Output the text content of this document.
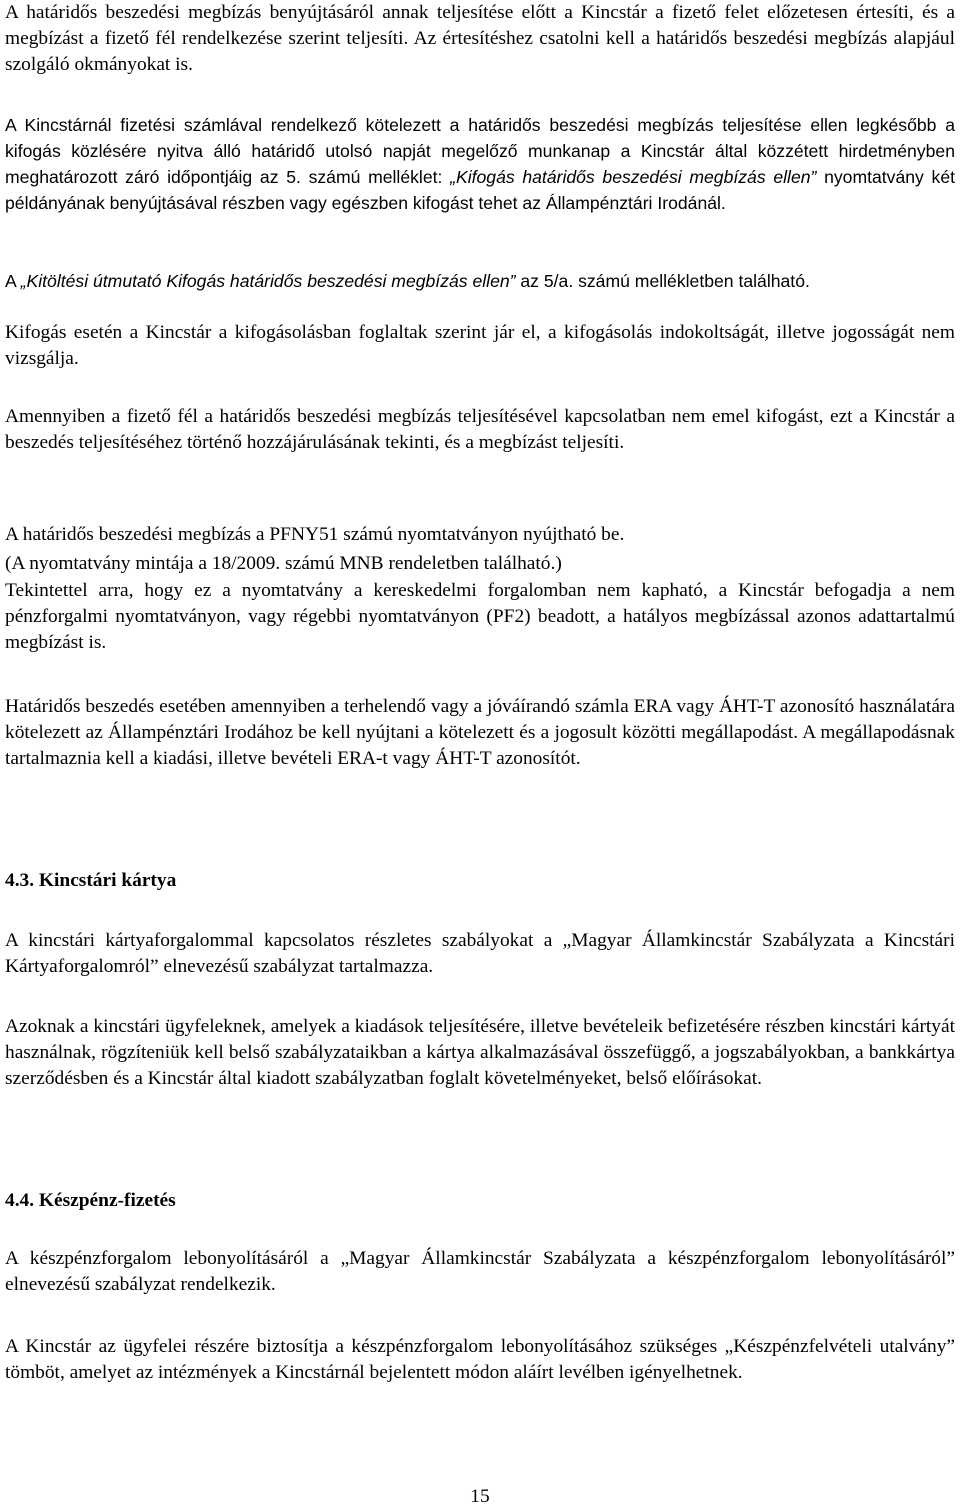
A határidős beszedési megbízás benyújtásáról annak teljesítése előtt a Kincstár a fizető felet előzetesen értesíti, és a megbízást a fizető fél rendelkezése szerint teljesíti. Az értesítéshez csatolni kell a határidős beszedési megbízás alapjául szolgáló okmányokat is.

A Kincstárnál fizetési számlával rendelkező kötelezett a határidős beszedési megbízás teljesítése ellen legkésőbb a kifogás közlésére nyitva álló határidő utolsó napját megelőző munkanap a Kincstár által közzétett hirdetményben meghatározott záró időpontjáig az 5. számú melléklet: „Kifogás határidős beszedési megbízás ellen” nyomtatvány két példányának benyújtásával részben vagy egészben kifogást tehet az Állampénztári Irodánál.

A „Kitöltési útmutató Kifogás határidős beszedési megbízás ellen” az 5/a. számú mellékletben található.

Kifogás esetén a Kincstár a kifogásolásban foglaltak szerint jár el, a kifogásolás indokoltságát, illetve jogosságát nem vizsgálja.

Amennyiben a fizető fél a határidős beszedési megbízás teljesítésével kapcsolatban nem emel kifogást, ezt a Kincstár a beszedés teljesítéséhez történő hozzájárulásának tekinti, és a megbízást teljesíti.

A határidős beszedési megbízás a PFNY51 számú nyomtatványon nyújtható be.

(A nyomtatvány mintája a 18/2009. számú MNB rendeletben található.)

Tekintettel arra, hogy ez a nyomtatvány a kereskedelmi forgalomban nem kapható, a Kincstár befogadja a nem pénzforgalmi nyomtatványon, vagy régebbi nyomtatványon (PF2) beadott, a hatályos megbízással azonos adattartalmú megbízást is.

Határidős beszedés esetében amennyiben a terhelendő vagy a jóváírandó számla ERA vagy ÁHT-T azonosító használatára kötelezett az Állampénztári Irodához be kell nyújtani a kötelezett és a jogosult közötti megállapodást. A megállapodásnak tartalmaznia kell a kiadási, illetve bevételi ERA-t vagy ÁHT-T azonosítót.

4.3. Kincstári kártya

A kincstári kártyaforgalommal kapcsolatos részletes szabályokat a „Magyar Államkincstár Szabályzata a Kincstári Kártyaforgalomról” elnevezésű szabályzat tartalmazza.

Azoknak a kincstári ügyfeleknek, amelyek a kiadások teljesítésére, illetve bevételeik befizetésére részben kincstári kártyát használnak, rögzíteniük kell belső szabályzataikban a kártya alkalmazásával összefüggő, a jogszabályokban, a bankkártya szerződésben és a Kincstár által kiadott szabályzatban foglalt követelményeket, belső előírásokat.

4.4. Készpénz-fizetés

A készpénzforgalom lebonyolításáról a „Magyar Államkincstár Szabályzata a készpénzforgalom lebonyolításáról” elnevezésű szabályzat rendelkezik.

A Kincstár az ügyfelei részére biztosítja a készpénzforgalom lebonyolításához szükséges „Készpénzfelvételi utalvány” tömböt, amelyet az intézmények a Kincstárnál bejelentett módon aláírt levélben igényelhetnek.

15
